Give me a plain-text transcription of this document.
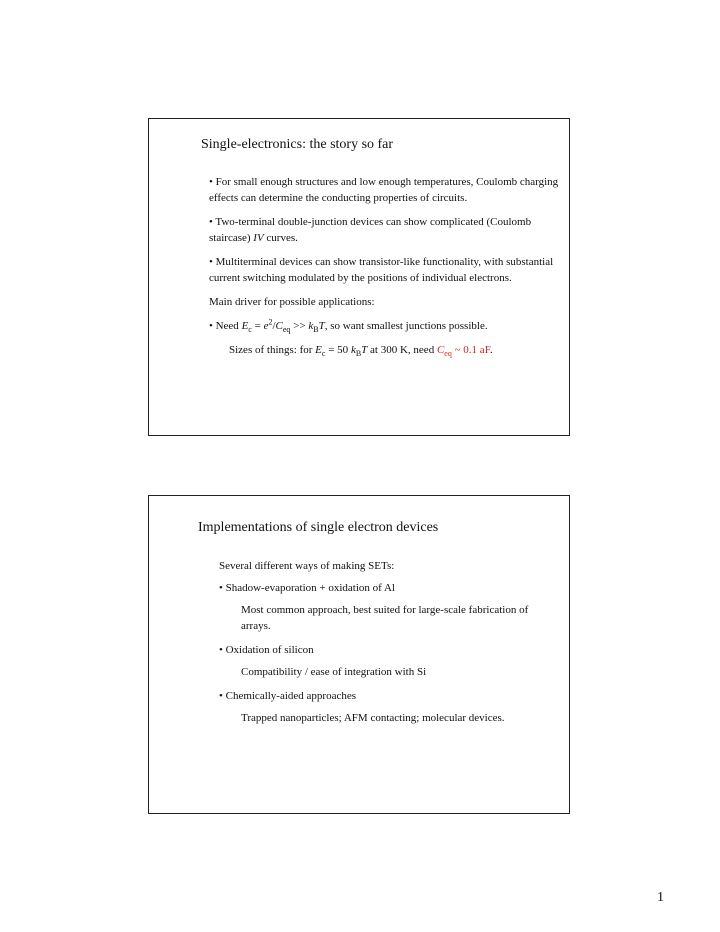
Single-electronics: the story so far

• For small enough structures and low enough temperatures, Coulomb charging effects can determine the conducting properties of circuits.

• Two-terminal double-junction devices can show complicated (Coulomb staircase) IV curves.

• Multiterminal devices can show transistor-like functionality, with substantial current switching modulated by the positions of individual electrons.

Main driver for possible applications:

• Need $E_c = e^2/C_{eq} >> k_BT$, so want smallest junctions possible.

Sizes of things: for $E_c = 50$ $k_BT$ at 300 K, need $C_{eq}$ ~ 0.1 aF.

Implementations of single electron devices

Several different ways of making SETs:

• Shadow-evaporation + oxidation of Al

Most common approach, best suited for large-scale fabrication of arrays.

• Oxidation of silicon

Compatibility / ease of integration with Si

• Chemically-aided approaches

Trapped nanoparticles; AFM contacting; molecular devices.

1
